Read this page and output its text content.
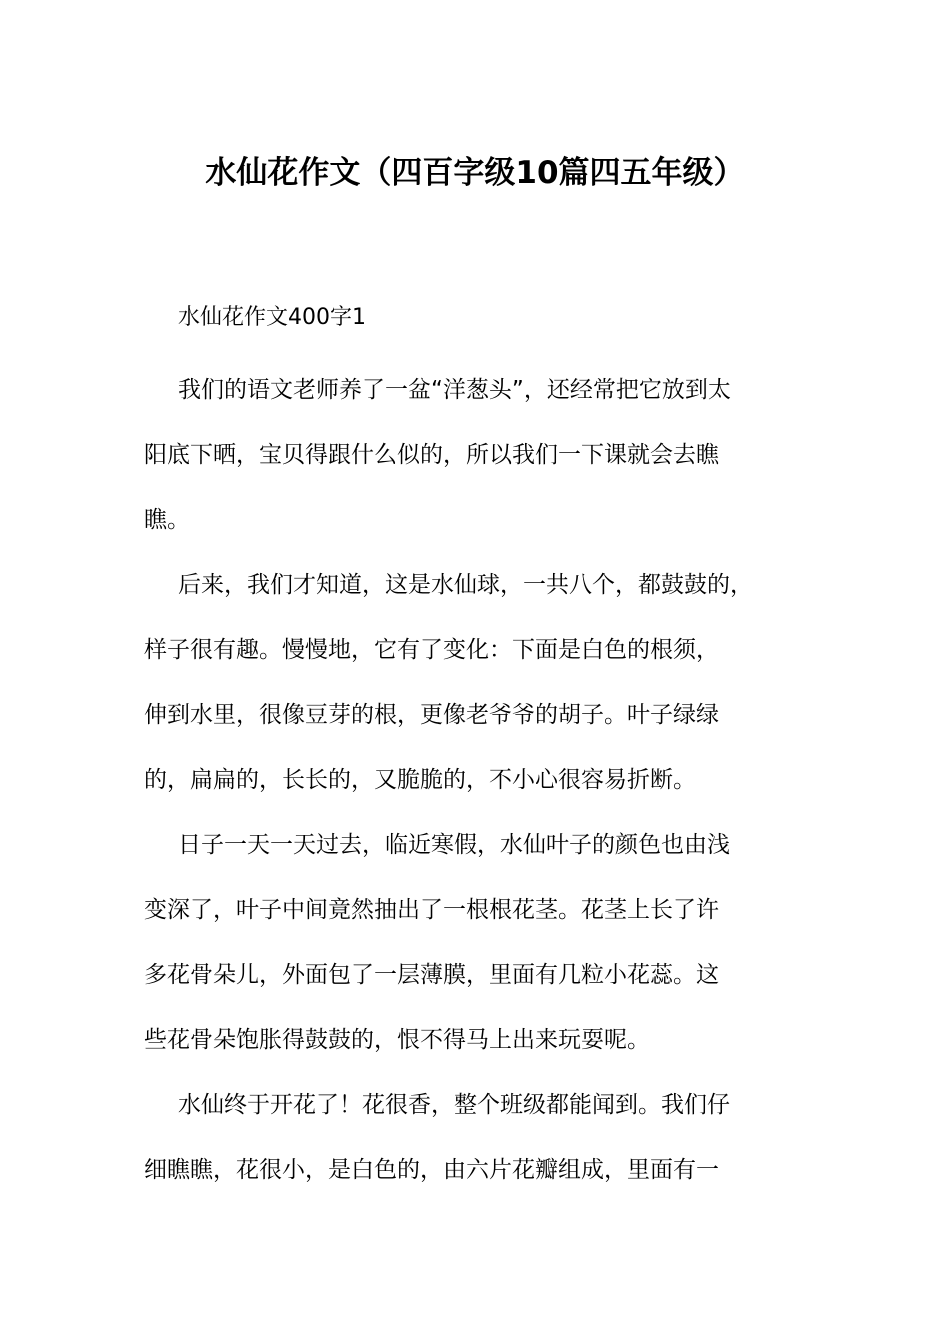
水仙花作文（四百字级10篇四五年级）

水仙花作文400字1

我们的语文老师养了一盆“洋葱头”，还经常把它放到太
阳底下晒，宝贝得跟什么似的，所以我们一下课就会去瞧
瞧。

后来，我们才知道，这是水仙球，一共八个，都鼓鼓的，
样子很有趣。慢慢地，它有了变化：下面是白色的根须，
伸到水里，很像豆芽的根，更像老爷爷的胡子。叶子绿绿
的，扁扁的，长长的，又脆脆的，不小心很容易折断。

日子一天一天过去，临近寒假，水仙叶子的颜色也由浅
变深了，叶子中间竟然抽出了一根根花茎。花茎上长了许
多花骨朵儿，外面包了一层薄膜，里面有几粒小花蕊。这
些花骨朵饱胀得鼓鼓的，恨不得马上出来玩耍呢。

水仙终于开花了！花很香，整个班级都能闻到。我们仔
细瞧瞧，花很小，是白色的，由六片花瓣组成，里面有一
